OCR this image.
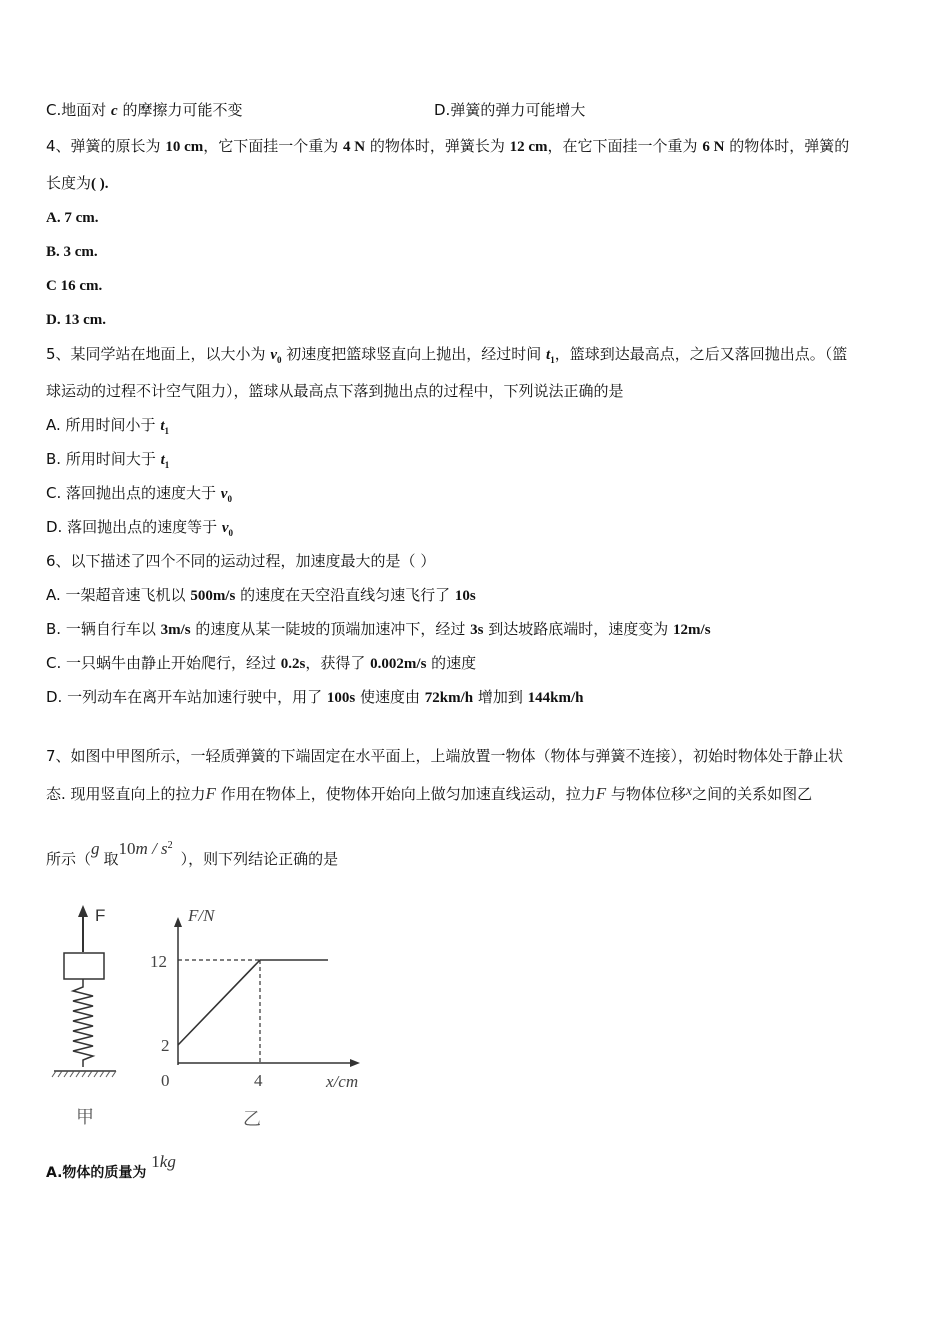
C.地面对 c 的摩擦力可能不变	D.弹簧的弹力可能增大
4、弹簧的原长为 10 cm，它下面挂一个重为 4 N 的物体时，弹簧长为 12 cm，在它下面挂一个重为 6 N 的物体时，弹簧的
长度为( ).
A. 7 cm.
B. 3 cm.
C 16 cm.
D. 13 cm.
5、某同学站在地面上，以大小为 $v_0$ 初速度把篮球竖直向上抛出，经过时间 $t_1$，篮球到达最高点，之后又落回抛出点。（篮
球运动的过程不计空气阻力），篮球从最高点下落到抛出点的过程中，下列说法正确的是
A. 所用时间小于 $t_1$
B. 所用时间大于 $t_1$
C. 落回抛出点的速度大于 $v_0$
D. 落回抛出点的速度等于 $v_0$
6、以下描述了四个不同的运动过程，加速度最大的是（ ）
A. 一架超音速飞机以 500m/s 的速度在天空沿直线匀速飞行了 10s
B. 一辆自行车以 3m/s 的速度从某一陡坡的顶端加速冲下，经过 3s 到达坡路底端时，速度变为 12m/s
C. 一只蜗牛由静止开始爬行，经过 0.2s，获得了 0.002m/s 的速度
D. 一列动车在离开车站加速行驶中，用了 100s 使速度由 72km/h 增加到 144km/h
7、如图中甲图所示，一轻质弹簧的下端固定在水平面上，上端放置一物体（物体与弹簧不连接），初始时物体处于静止状
态. 现用竖直向上的拉力F 作用在物体上，使物体开始向上做匀加速直线运动，拉力F 与物体位移x之间的关系如图乙
所示（g取$10m / s^2$），则下列结论正确的是
F
甲
F/N
x/cm
12
2
0	4
乙
A.物体的质量为 1kg
